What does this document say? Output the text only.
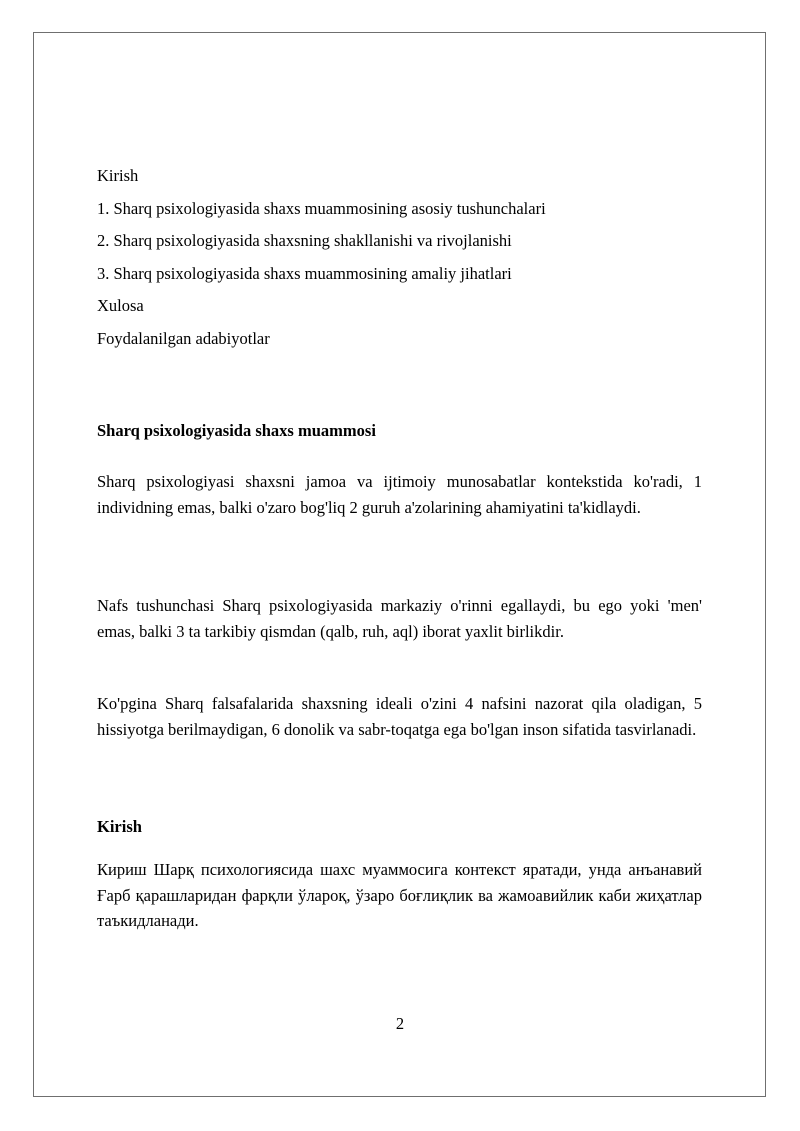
Kirish
1. Sharq psixologiyasida shaxs muammosining asosiy tushunchalari
2. Sharq psixologiyasida shaxsning shakllanishi va rivojlanishi
3. Sharq psixologiyasida shaxs muammosining amaliy jihatlari
Xulosa
Foydalanilgan adabiyotlar
Sharq psixologiyasida shaxs muammosi
Sharq psixologiyasi shaxsni jamoa va ijtimoiy munosabatlar kontekstida ko'radi, 1 individning emas, balki o'zaro bog'liq 2 guruh a'zolarining ahamiyatini ta'kidlaydi.
Nafs tushunchasi Sharq psixologiyasida markaziy o'rinni egallaydi, bu ego yoki 'men' emas, balki 3 ta tarkibiy qismdan (qalb, ruh, aql) iborat yaxlit birlikdir.
Ko'pgina Sharq falsafalarida shaxsning ideali o'zini 4 nafsini nazorat qila oladigan, 5 hissiyotga berilmaydigan, 6 donolik va sabr-toqatga ega bo'lgan inson sifatida tasvirlanadi.
Kirish
Кириш Шарқ психологиясида шахс муаммосига контекст яратади, унда анъанавий Ғарб қарашларидан фарқли ўлароқ, ўзаро боғлиқлик ва жамоавийлик каби жиҳатлар таъкидланади.
2
